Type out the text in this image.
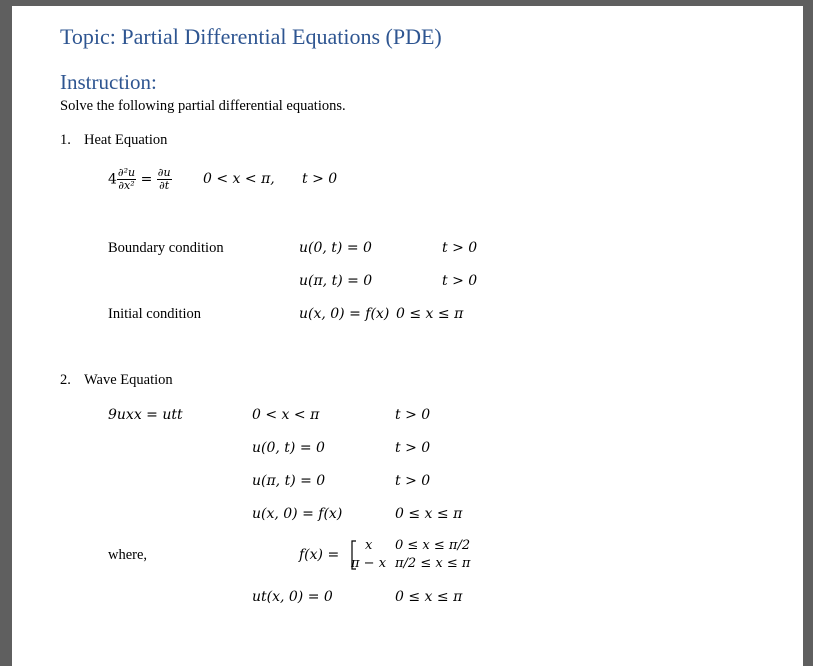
Topic: Partial Differential Equations (PDE)
Instruction:
Solve the following partial differential equations.
1. Heat Equation
$4 \frac{\text{∂²u}}{\text{∂x²}} = \frac{\partial u}{\partial t} 0 < x < \pi$, t > 0
Boundary condition	u(0, t) = 0	t > 0
u(π, t) = 0	t > 0
Initial condition	u(x, 0) = f(x) 0 ≤ x ≤ π
2. Wave Equation
9uxx = utt	0 < x < π	t > 0
u(0, t) = 0	t > 0
u(π, t) = 0	t > 0
u(x, 0) = f(x)	0 ≤ x ≤ π
where,	f(x) =
x 0 ≤ x ≤ π/2
π − x π/2 ≤ x ≤ π
ut(x, 0) = 0	0 ≤ x ≤ π
